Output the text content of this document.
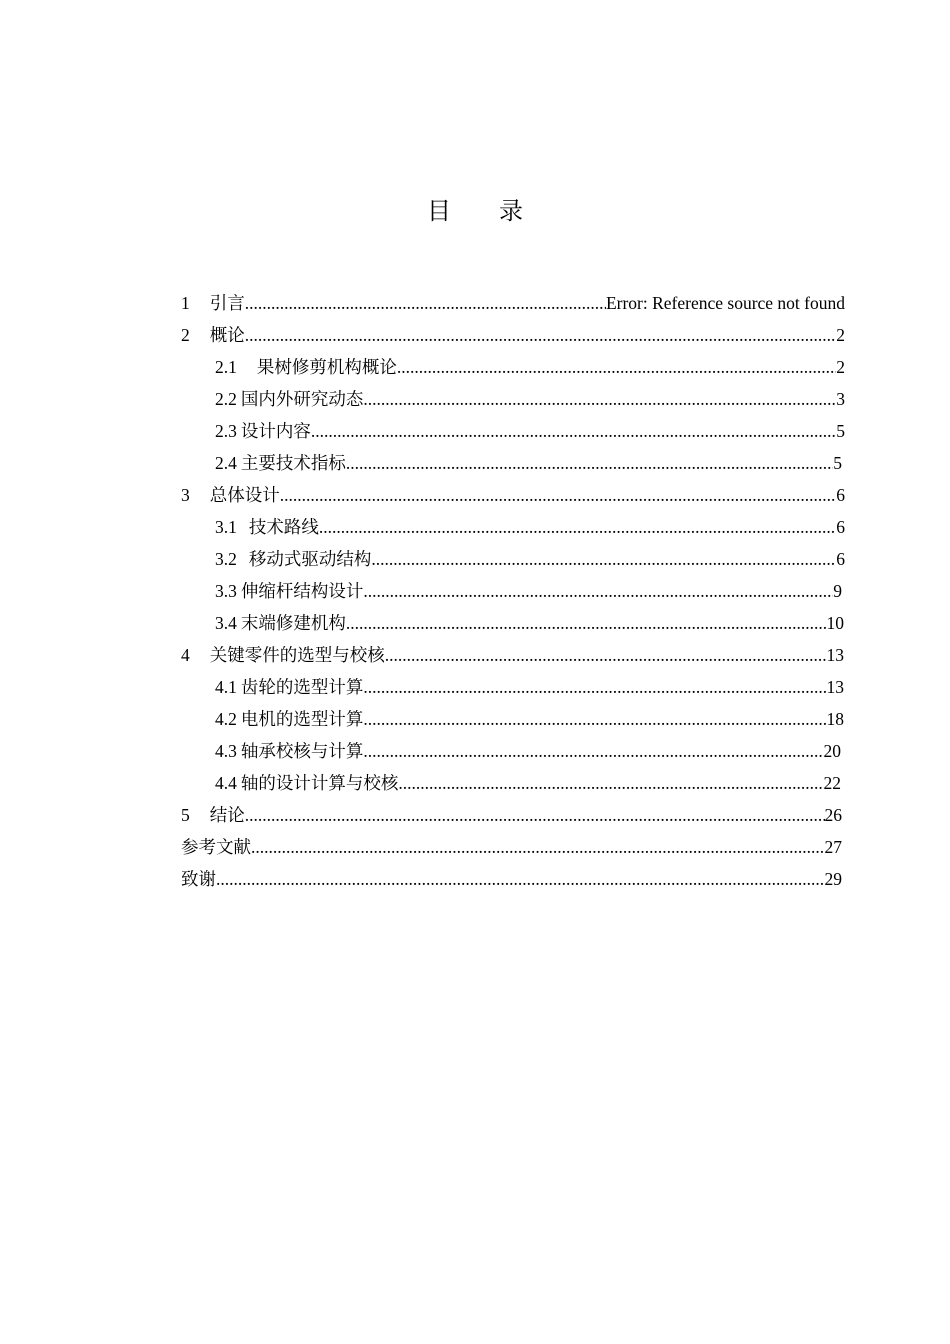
目 录
1 引言 .....	Error: Reference source not found
2 概论 .....	2
2.1 果树修剪机构概论 .....	2
2.2 国内外研究动态 .....	3
2.3 设计内容 .....	5
2.4 主要技术指标 .....	5
3 总体设计 .....	6
3.1 技术路线 .....	6
3.2 移动式驱动结构 .....	6
3.3 伸缩杆结构设计 .....	9
3.4 末端修建机构 .....	10
4 关键零件的选型与校核 .....	13
4.1 齿轮的选型计算 .....	13
4.2 电机的选型计算 .....	18
4.3 轴承校核与计算 .....	20
4.4 轴的设计计算与校核 .....	22
5 结论 .....	26
参考文献 .....	27
致谢 .....	29
